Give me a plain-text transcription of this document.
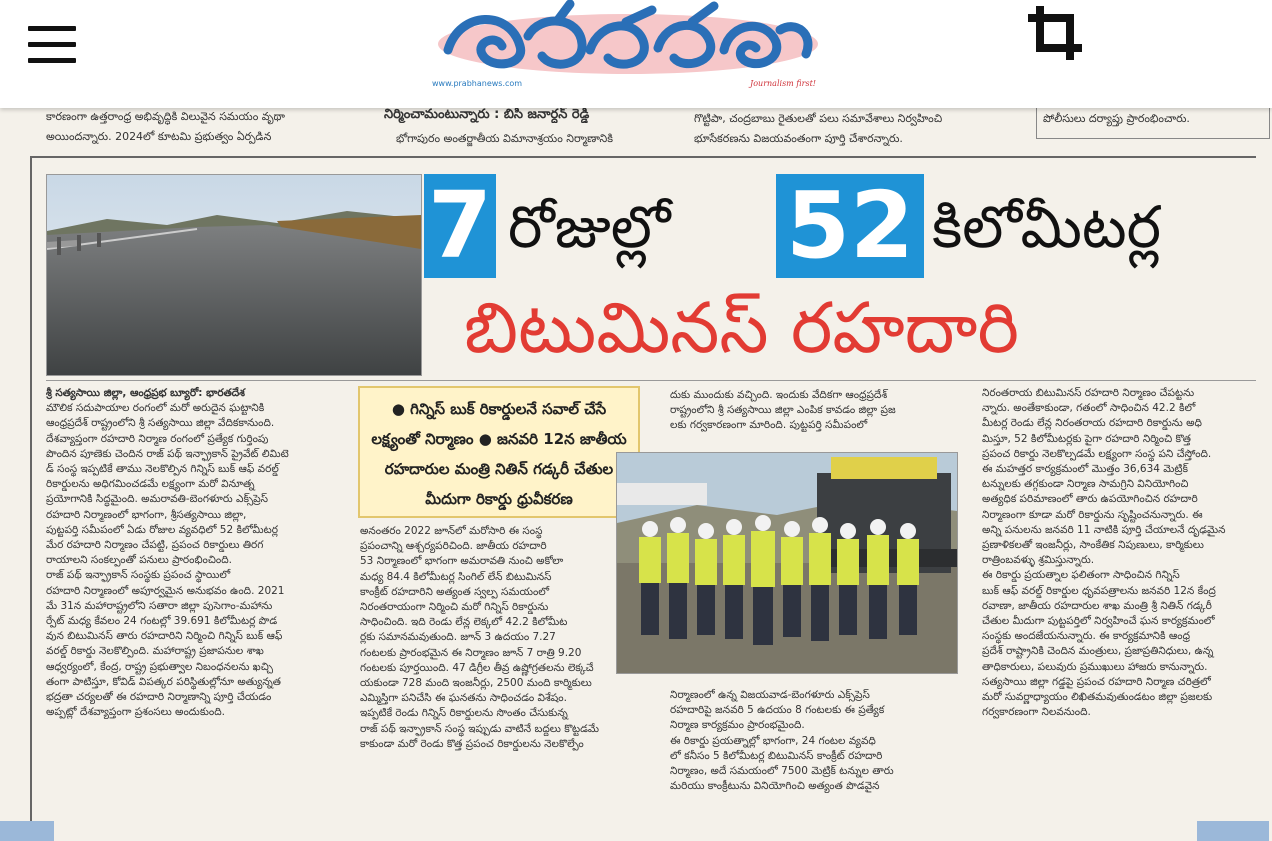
www.prabhanews.com	Journalism first!
కారణంగా ఉత్తరాంధ్ర అభివృద్ధికి విలువైన సమయం వృథా
అయిందన్నారు. 2024లో కూటమి ప్రభుత్వం ఏర్పడిన
నిర్మించామంటున్నారు : బిసి జనార్దన్ రెడ్డి
భోగాపురం అంతర్జాతీయ విమానాశ్రయం నిర్మాణానికి
గొట్టిపా, చంద్రబాబు రైతులతో పలు సమావేశాలు నిర్వహించి
భూసేకరణను విజయవంతంగా పూర్తి చేశారన్నారు.
పోలీసులు దర్యాప్తు ప్రారంభించారు.
7 రోజుల్లో 52 కిలోమీటర్ల
బిటుమినస్ రహదారి

శ్రీ సత్యసాయి జిల్లా, ఆంధ్రప్రభ బ్యూరో: భారతదేశ

మౌలిక సదుపాయాల రంగంలో మరో అరుదైన ఘట్టానికి

ఆంధ్రప్రదేశ్ రాష్ట్రంలోని శ్రీ సత్యసాయి జిల్లా వేదికకానుంది.

దేశవ్యాప్తంగా రహదారి నిర్మాణ రంగంలో ప్రత్యేక గుర్తింపు

పొందిన పూణెకు చెందిన రాజ్ పథ్ ఇన్ఫ్రాకాన్ ప్రైవేట్ లిమిటె

డ్ సంస్థ ఇప్పటికే తాము నెలకొల్పిన గిన్నిస్ బుక్ ఆఫ్ వరల్డ్

రికార్డులను అధిగమించడమే లక్ష్యంగా మరో వినూత్న

ప్రయోగానికి సిద్ధమైంది. అమరావతి-బెంగళూరు ఎక్స్‌ప్రెస్

రహదారి నిర్మాణంలో భాగంగా, శ్రీసత్యసాయి జిల్లా,

పుట్టపర్తి సమీపంలో ఏడు రోజుల వ్యవధిలో 52 కిలోమీటర్ల

మేర రహదారి నిర్మాణం చేపట్టి, ప్రపంచ రికార్డులు తిరగ

రాయాలని సంకల్పంతో పనులు ప్రారంభించింది.

రాజ్ పథ్ ఇన్ఫ్రాకాన్ సంస్థకు ప్రపంచ స్థాయిలో

రహదారి నిర్మాణంలో అపూర్వమైన అనుభవం ఉంది. 2021

మే 31న మహారాష్ట్రలోని సతారా జిల్లా పుసెగాం-మహాను

ర్పేట్ మధ్య కేవలం 24 గంటల్లో 39.691 కిలోమీటర్ల పొడ

వున బిటుమినస్ తారు రహదారిని నిర్మించి గిన్నిస్ బుక్ ఆఫ్

వరల్డ్ రికార్డు నెలకొల్పింది. మహారాష్ట్ర ప్రజాపనుల శాఖ

ఆధ్వర్యంలో, కేంద్ర, రాష్ట్ర ప్రభుత్వాల నిబంధనలను ఖచ్చి

తంగా పాటిస్తూ, కోవిడ్ విపత్కర పరిస్థితుల్లోనూ అత్యున్నత

భద్రతా చర్యలతో ఈ రహదారి నిర్మాణాన్ని పూర్తి చేయడం

అప్పట్లో దేశవ్యాప్తంగా ప్రశంసలు అందుకుంది.

● గిన్నిస్ బుక్ రికార్డులనే సవాల్ చేసే
లక్ష్యంతో నిర్మాణం ● జనవరి 12న జాతీయ
రహదారుల మంత్రి నితిన్ గడ్కరీ చేతుల
మీదుగా రికార్డు ధ్రువీకరణ

అనంతరం 2022 జూన్‌లో మరోసారి ఈ సంస్థ

ప్రపంచాన్ని ఆశ్చర్యపరిచింది. జాతీయ రహదారి

53 నిర్మాణంలో భాగంగా అమరావతి నుంచి అకోలా

మధ్య 84.4 కిలోమీటర్ల సింగిల్ లేన్ బిటుమినస్

కాంక్రీట్ రహదారిని అత్యంత స్వల్ప సమయంలో

నిరంతరాయంగా నిర్మించి మరో గిన్నిస్ రికార్డును

సాధించింది. ఇది రెండు లేన్ల లెక్కలో 42.2 కిలోమీట

ర్లకు సమానమవుతుంది. జూన్ 3 ఉదయం 7.27

గంటలకు ప్రారంభమైన ఈ నిర్మాణం జూన్ 7 రాత్రి 9.20

గంటలకు పూర్తయింది. 47 డిగ్రీల తీవ్ర ఉష్ణోగ్రతలను లెక్కచే

యకుండా 728 మంది ఇంజనీర్లు, 2500 మంది కార్మికులు

ఎమ్మిస్తిగా పనిచేసి ఈ ఘనతను సాధించడం విశేషం.

ఇప్పటికే రెండు గిన్నిస్ రికార్డులను సొంతం చేసుకున్న

రాజ్ పథ్ ఇన్ఫ్రాకాన్ సంస్థ ఇప్పుడు వాటినే బద్దలు కొట్టడమే

కాకుండా మరో రెండు కొత్త ప్రపంచ రికార్డులను నెలకొల్పేం

దుకు ముందుకు వచ్చింది. ఇందుకు వేదికగా ఆంధ్రప్రదేశ్

రాష్ట్రంలోని శ్రీ సత్యసాయి జిల్లా ఎంపిక కావడం జిల్లా ప్రజ

లకు గర్వకారణంగా మారింది. పుట్టపర్తి సమీపంలో

నిర్మాణంలో ఉన్న విజయవాడ-బెంగళూరు ఎక్స్‌ప్రెస్

రహదారిపై జనవరి 5 ఉదయం 8 గంటలకు ఈ ప్రత్యేక

నిర్మాణ కార్యక్రమం ప్రారంభమైంది.

ఈ రికార్డు ప్రయత్నాల్లో భాగంగా, 24 గంటల వ్యవధి

లో కనీసం 5 కిలోమీటర్ల బిటుమినస్ కాంక్రీట్ రహదారి

నిర్మాణం, అదే సమయంలో 7500 మెట్రిక్ టన్నుల తారు

మరియు కాంక్రీటును వినియోగించి అత్యంత పొడవైన

నిరంతరాయ బిటుమినస్ రహదారి నిర్మాణం చేపట్టను

న్నారు. అంతేకాకుండా, గతంలో సాధించిన 42.2 కిలో

మీటర్ల రెండు లేన్ల నిరంతరాయ రహదారి రికార్డును అధి

మిస్తూ, 52 కిలోమీటర్లకు పైగా రహదారి నిర్మించి కొత్త

ప్రపంచ రికార్డు నెలకొల్పడమే లక్ష్యంగా సంస్థ పని చేస్తోంది.

ఈ మహత్తర కార్యక్రమంలో మొత్తం 36,634 మెట్రిక్

టన్నులకు తగ్గకుండా నిర్మాణ సామగ్రిని వినియోగించి

అత్యధిక పరిమాణంలో తారు ఉపయోగించిన రహదారి

నిర్మాణంగా కూడా మరో రికార్డును సృష్టించనున్నారు. ఈ

అన్ని పనులను జనవరి 11 నాటికి పూర్తి చేయాలనే దృఢమైన

ప్రణాళికలతో ఇంజనీర్లు, సాంకేతిక నిపుణులు, కార్మికులు

రాత్రింబవళ్ళు శ్రమిస్తున్నారు.

ఈ రికార్డు ప్రయత్నాల ఫలితంగా సాధించిన గిన్నిస్

బుక్ ఆఫ్ వరల్డ్ రికార్డుల ధృవపత్రాలను జనవరి 12న కేంద్ర

రవాణా, జాతీయ రహదారుల శాఖ మంత్రి శ్రీ నితిన్ గడ్కరీ

చేతుల మీదుగా పుట్టపర్తిలో నిర్వహించే ఘన కార్యక్రమంలో

సంస్థకు అందజేయనున్నారు. ఈ కార్యక్రమానికి ఆంధ్ర

ప్రదేశ్ రాష్ట్రానికి చెందిన మంత్రులు, ప్రజాప్రతినిధులు, ఉన్న

తాధికారులు, పలువురు ప్రముఖులు హాజరు కానున్నారు.

సత్యసాయి జిల్లా గడ్డపై ప్రపంచ రహదారి నిర్మాణ చరిత్రలో

మరో సువర్ణాధ్యాయం లిఖితమవుతుండటం జిల్లా ప్రజలకు

గర్వకారణంగా నిలవనుంది.
